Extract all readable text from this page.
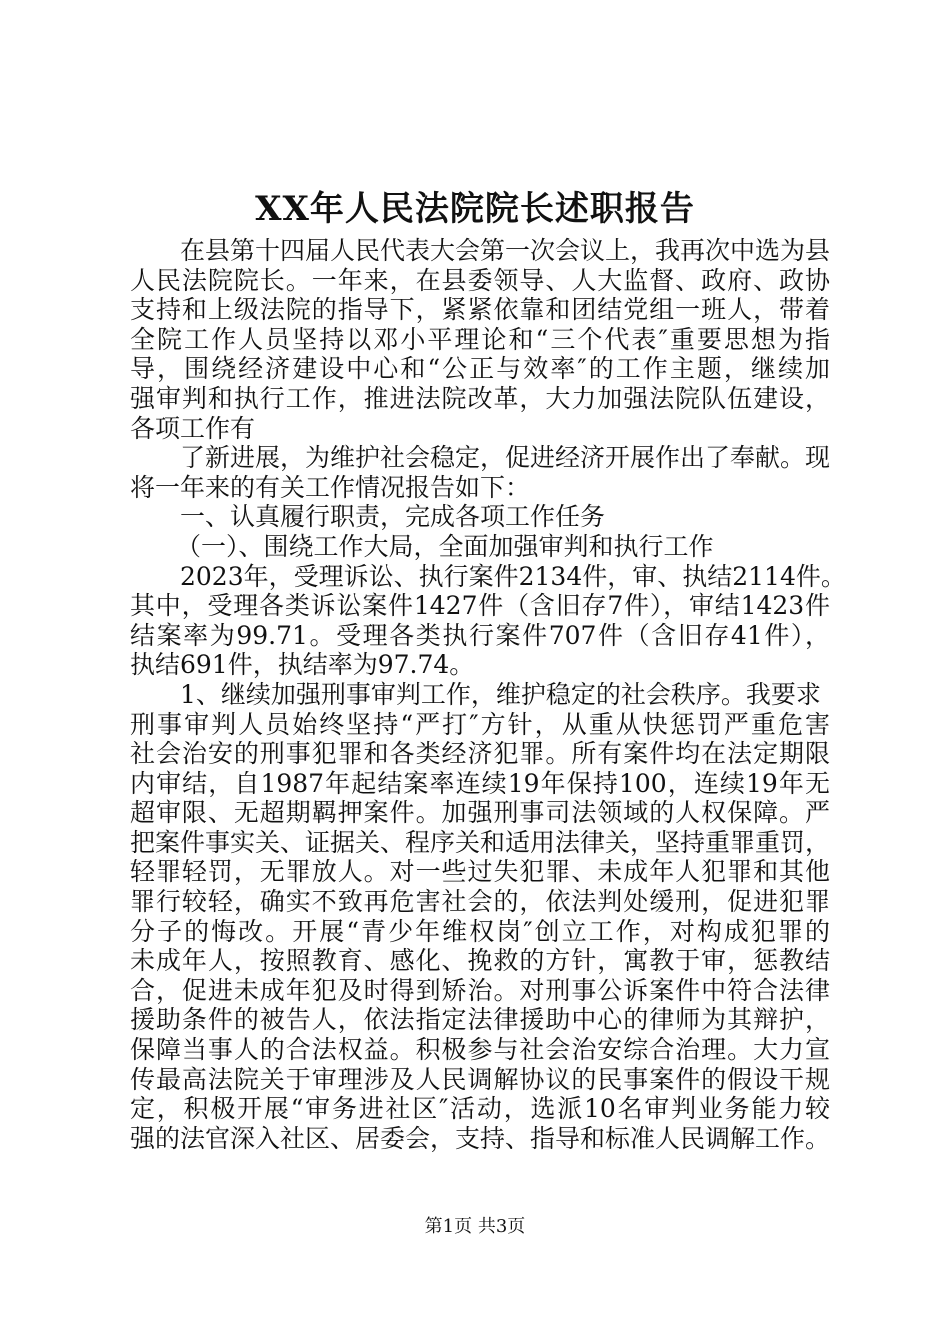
XX年人民法院院长述职报告
在县第十四届人民代表大会第一次会议上，我再次中选为县
人民法院院长。一年来，在县委领导、人大监督、政府、政协
支持和上级法院的指导下，紧紧依靠和团结党组一班人，带着
全院工作人员坚持以邓小平理论和“三个代表″重要思想为指
导，围绕经济建设中心和“公正与效率″的工作主题，继续加
强审判和执行工作，推进法院改革，大力加强法院队伍建设，
各项工作有
了新进展，为维护社会稳定，促进经济开展作出了奉献。现
将一年来的有关工作情况报告如下：
一、认真履行职责，完成各项工作任务
（一）、围绕工作大局，全面加强审判和执行工作
2023年，受理诉讼、执行案件2134件，审、执结2114件。
其中，受理各类诉讼案件1427件（含旧存7件），审结1423件
结案率为99.71。受理各类执行案件707件（含旧存41件），
执结691件，执结率为97.74。
1、继续加强刑事审判工作，维护稳定的社会秩序。我要求
刑事审判人员始终坚持“严打″方针，从重从快惩罚严重危害
社会治安的刑事犯罪和各类经济犯罪。所有案件均在法定期限
内审结，自1987年起结案率连续19年保持100，连续19年无
超审限、无超期羁押案件。加强刑事司法领域的人权保障。严
把案件事实关、证据关、程序关和适用法律关，坚持重罪重罚，
轻罪轻罚，无罪放人。对一些过失犯罪、未成年人犯罪和其他
罪行较轻，确实不致再危害社会的，依法判处缓刑，促进犯罪
分子的悔改。开展“青少年维权岗″创立工作，对构成犯罪的
未成年人，按照教育、感化、挽救的方针，寓教于审，惩教结
合，促进未成年犯及时得到矫治。对刑事公诉案件中符合法律
援助条件的被告人，依法指定法律援助中心的律师为其辩护，
保障当事人的合法权益。积极参与社会治安综合治理。大力宣
传最高法院关于审理涉及人民调解协议的民事案件的假设干规
定，积极开展“审务进社区″活动，选派10名审判业务能力较
强的法官深入社区、居委会，支持、指导和标准人民调解工作。
第1页 共3页
